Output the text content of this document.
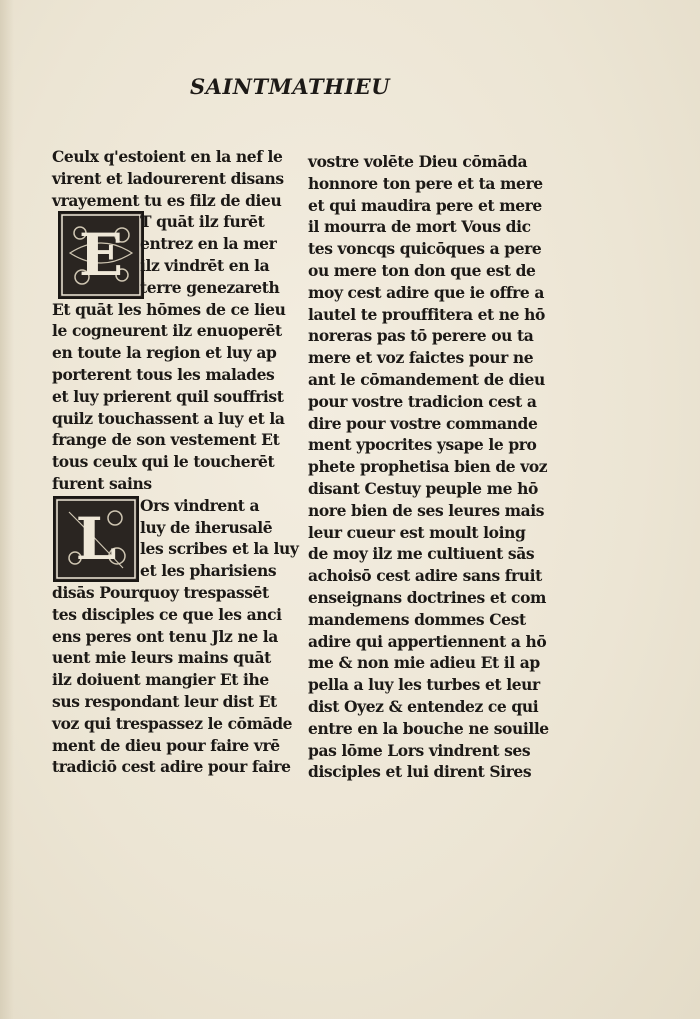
SAINTMATHIEU
E
L
Ceulx q'estoient en la nef le
virent et ladourerent disans
vrayement tu es filz de dieu
T quāt ilz furēt
entrez en la mer
ilz vindrēt en la
terre genezareth
Et quāt les hōmes de ce lieu
le cogneurent ilz enuoperēt
en toute la region et luy ap
porterent tous les malades
et luy prierent quil souffrist
quilz touchassent a luy et la
frange de son vestement Et
tous ceulx qui le toucherēt
furent sains
Ors vindrent a
luy de iherusalē
les scribes et la luy
et les pharisiens
disās Pourquoy trespassēt
tes disciples ce que les anci
ens peres ont tenu Jlz ne la
uent mie leurs mains quāt
ilz doiuent mangier Et ihe
sus respondant leur dist Et
voz qui trespassez le cōmāde
ment de dieu pour faire vrē
tradiciō cest adire pour faire
vostre volēte Dieu cōmāda
honnore ton pere et ta mere
et qui maudira pere et mere
il mourra de mort Vous dic
tes voncqs quicōques a pere
ou mere ton don que est de
moy cest adire que ie offre a
lautel te prouffitera et ne hō
noreras pas tō perere ou ta
mere et voz faictes pour ne
ant le cōmandement de dieu
pour vostre tradicion cest a
dire pour vostre commande
ment ypocrites ysape le pro
phete prophetisa bien de voz
disant Cestuy peuple me hō
nore bien de ses leures mais
leur cueur est moult loing
de moy ilz me cultiuent sās
achoisō cest adire sans fruit
enseignans doctrines et com
mandemens dommes Cest
adire qui appertiennent a hō
me & non mie adieu Et il ap
pella a luy les turbes et leur
dist Oyez & entendez ce qui
entre en la bouche ne souille
pas lōme Lors vindrent ses
disciples et lui dirent Sires
